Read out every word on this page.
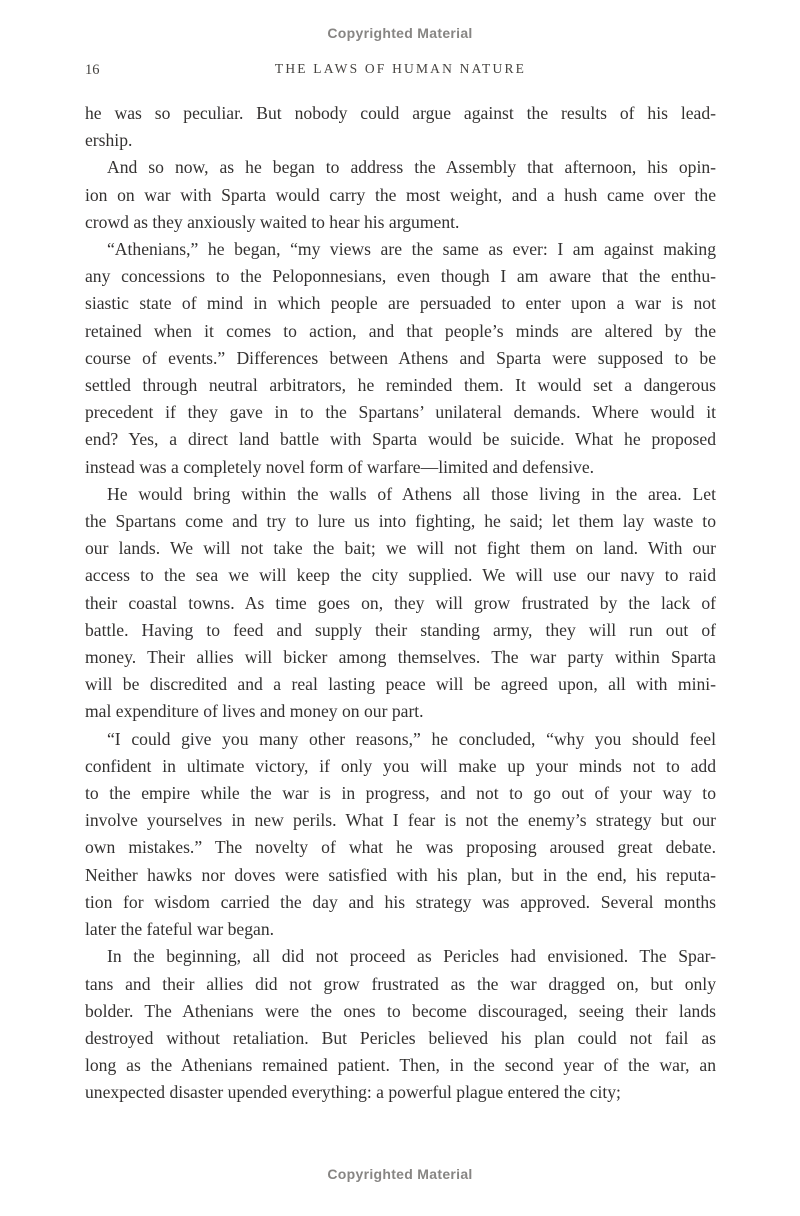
Copyrighted Material
16	THE LAWS OF HUMAN NATURE
he was so peculiar. But nobody could argue against the results of his lead-
ership.
And so now, as he began to address the Assembly that afternoon, his opin-
ion on war with Sparta would carry the most weight, and a hush came over the
crowd as they anxiously waited to hear his argument.
“Athenians,” he began, “my views are the same as ever: I am against making
any concessions to the Peloponnesians, even though I am aware that the enthu-
siastic state of mind in which people are persuaded to enter upon a war is not
retained when it comes to action, and that people’s minds are altered by the
course of events.” Differences between Athens and Sparta were supposed to be
settled through neutral arbitrators, he reminded them. It would set a dangerous
precedent if they gave in to the Spartans’ unilateral demands. Where would it
end? Yes, a direct land battle with Sparta would be suicide. What he proposed
instead was a completely novel form of warfare—limited and defensive.
He would bring within the walls of Athens all those living in the area. Let
the Spartans come and try to lure us into fighting, he said; let them lay waste to
our lands. We will not take the bait; we will not fight them on land. With our
access to the sea we will keep the city supplied. We will use our navy to raid
their coastal towns. As time goes on, they will grow frustrated by the lack of
battle. Having to feed and supply their standing army, they will run out of
money. Their allies will bicker among themselves. The war party within Sparta
will be discredited and a real lasting peace will be agreed upon, all with mini-
mal expenditure of lives and money on our part.
“I could give you many other reasons,” he concluded, “why you should feel
confident in ultimate victory, if only you will make up your minds not to add
to the empire while the war is in progress, and not to go out of your way to
involve yourselves in new perils. What I fear is not the enemy’s strategy but our
own mistakes.” The novelty of what he was proposing aroused great debate.
Neither hawks nor doves were satisfied with his plan, but in the end, his reputa-
tion for wisdom carried the day and his strategy was approved. Several months
later the fateful war began.
In the beginning, all did not proceed as Pericles had envisioned. The Spar-
tans and their allies did not grow frustrated as the war dragged on, but only
bolder. The Athenians were the ones to become discouraged, seeing their lands
destroyed without retaliation. But Pericles believed his plan could not fail as
long as the Athenians remained patient. Then, in the second year of the war, an
unexpected disaster upended everything: a powerful plague entered the city;
Copyrighted Material
